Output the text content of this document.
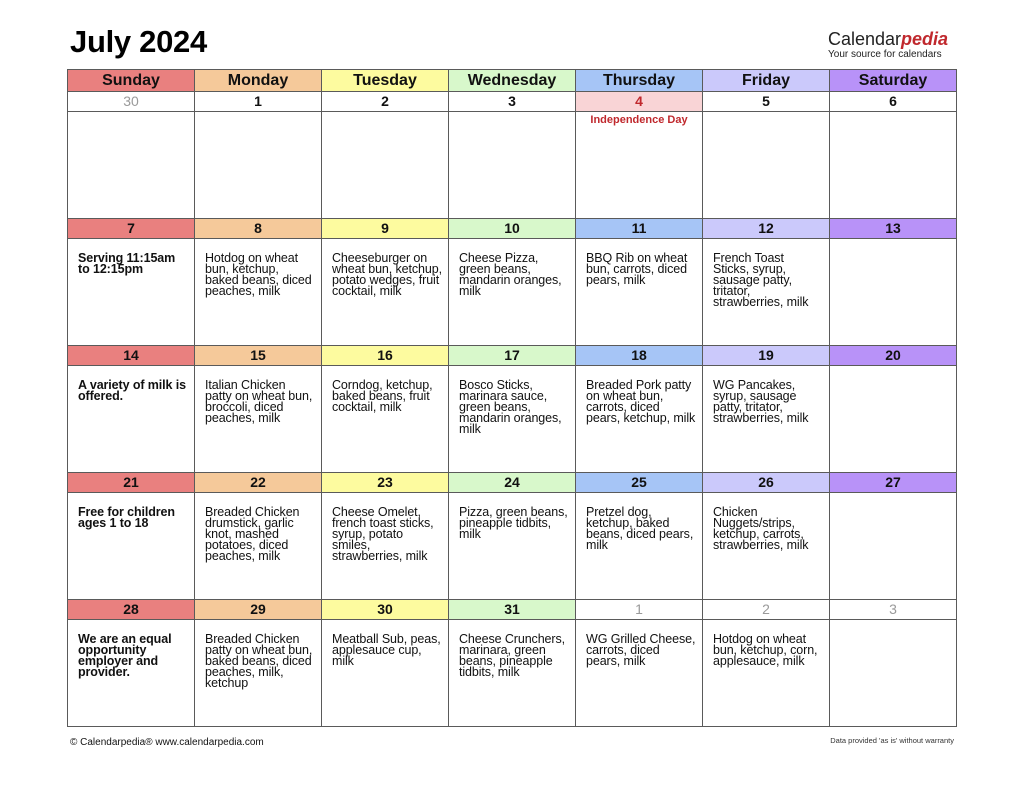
July 2024	Calendarpedia
Your source for calendars
Sunday	Monday	Tuesday	Wednesday	Thursday	Friday	Saturday

30	1	2	3	4	5	6

				Independence Day		

7	8	9	10	11	12	13

Serving 11:15am to 12:15pm	Hotdog on wheat bun, ketchup, baked beans, diced peaches, milk	Cheeseburger on wheat bun, ketchup, potato wedges, fruit cocktail, milk	Cheese Pizza, green beans, mandarin oranges, milk	BBQ Rib on wheat bun, carrots, diced pears, milk	French Toast Sticks, syrup, sausage patty, tritator, strawberries, milk	

14	15	16	17	18	19	20

A variety of milk is offered.	Italian Chicken patty on wheat bun, broccoli, diced peaches, milk	Corndog, ketchup, baked beans, fruit cocktail, milk	Bosco Sticks, marinara sauce, green beans, mandarin oranges, milk	Breaded Pork patty on wheat bun, carrots, diced pears, ketchup, milk	WG Pancakes, syrup, sausage patty, tritator, strawberries, milk	

21	22	23	24	25	26	27

Free for children ages 1 to 18	Breaded Chicken drumstick, garlic knot, mashed potatoes, diced peaches, milk	Cheese Omelet, french toast sticks, syrup, potato smiles, strawberries, milk	Pizza, green beans, pineapple tidbits, milk	Pretzel dog, ketchup, baked beans, diced pears, milk	Chicken Nuggets/strips, ketchup, carrots, strawberries, milk	

28	29	30	31	1	2	3

We are an equal opportunity employer and provider.	Breaded Chicken patty on wheat bun, baked beans, diced peaches, milk, ketchup	Meatball Sub, peas, applesauce cup, milk	Cheese Crunchers, marinara, green beans, pineapple tidbits, milk	WG Grilled Cheese, carrots, diced pears, milk	Hotdog on wheat bun, ketchup, corn, applesauce, milk	

© Calendarpedia® www.calendarpedia.com	Data provided 'as is' without warranty
